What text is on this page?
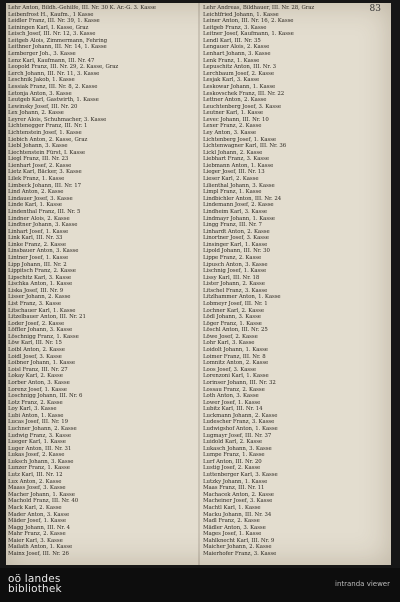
83
Lehr Anton, Bildh.-Gehilfe, III. Nr. 30 K. Ar.-G. 3. Kasse
Leibenfrost H., Kaufm., 1 Kasse
Leidler Franz, III. Nr. 39, 1. Kasse
Leiningen Karl, I. Kasse, Graz
Leisch Josef, III. Nr. 12, 3. Kasse
Leitgeb Alois, Zimmermann, Fehring
Leithner Johann, III. Nr. 14, 1. Kasse
Lemberger Joh., 3. Kasse
Lenz Karl, Kaufmann, III. Nr. 47
Leopold Franz, III. Nr. 29, 2. Kasse, Graz
Lerch Johann, III. Nr. 11, 3. Kasse
Leschnik Jakob, 1. Kasse
Lessiak Franz, III. Nr. 8, 2. Kasse
Letonja Anton, 3. Kasse
Leutgeb Karl, Gastwirth, 1. Kasse
Lewinsky Josef, III. Nr. 20
Lex Johann, 2. Kasse
Leyrer Alois, Schuhmacher, 3. Kasse
Lichtenegger Franz, III. Nr. 1
Lichtenstein Josef, 1. Kasse
Liebich Anton, 2. Kasse, Graz
Liebl Johann, 3. Kasse
Liechtenstein Fürst, I. Kasse
Liegl Franz, III. Nr. 23
Lienhart Josef, 2. Kasse
Lietz Karl, Bäcker, 3. Kasse
Lilek Franz, 1. Kasse
Limbeck Johann, III. Nr. 17
Lind Anton, 2. Kasse
Lindauer Josef, 3. Kasse
Linde Karl, 1. Kasse
Lindenthal Franz, III. Nr. 5
Lindner Alois, 2. Kasse
Lindtner Johann, 3. Kasse
Linhart Josef, 1. Kasse
Link Karl, III. Nr. 33
Linke Franz, 2. Kasse
Linsbauer Anton, 3. Kasse
Lintner Josef, 1. Kasse
Lipp Johann, III. Nr. 2
Lippitsch Franz, 2. Kasse
Lipschitz Karl, 3. Kasse
Lischka Anton, 1. Kasse
Liska Josef, III. Nr. 9
Lisser Johann, 2. Kasse
List Franz, 3. Kasse
Litschauer Karl, 1. Kasse
Litzelbauer Anton, III. Nr. 21
Loder Josef, 2. Kasse
Löffler Johann, 3. Kasse
Löschnigg Franz, 1. Kasse
Löw Karl, III. Nr. 15
Loibl Anton, 2. Kasse
Loidl Josef, 3. Kasse
Loibner Johann, 1. Kasse
Loisl Franz, III. Nr. 27
Lokay Karl, 2. Kasse
Lorber Anton, 3. Kasse
Lorenz Josef, 1. Kasse
Loschnigg Johann, III. Nr. 6
Lotz Franz, 2. Kasse
Loy Karl, 3. Kasse
Lubi Anton, 1. Kasse
Lucas Josef, III. Nr. 19
Luchner Johann, 2. Kasse
Ludwig Franz, 3. Kasse
Lueger Karl, 1. Kasse
Luger Anton, III. Nr. 31
Lukas Josef, 2. Kasse
Luksch Johann, 3. Kasse
Lunzer Franz, 1. Kasse
Lutz Karl, III. Nr. 12
Lux Anton, 2. Kasse
Maass Josef, 3. Kasse
Macher Johann, 1. Kasse
Machold Franz, III. Nr. 40
Mack Karl, 2. Kasse
Mader Anton, 3. Kasse
Mäder Josef, 1. Kasse
Magg Johann, III. Nr. 4
Mahr Franz, 2. Kasse
Maier Karl, 3. Kasse
Mailath Anton, 1. Kasse
Mainx Josef, III. Nr. 26
Lehr Andreas, Bildhauer, III. Nr. 28, Graz
Leichtfried Johann, 1. Kasse
Leiner Anton, III. Nr. 16, 2. Kasse
Leitgeb Franz, 3. Kasse
Leitner Josef, Kaufmann, 1. Kasse
Lendl Karl, III. Nr. 35
Lengauer Alois, 2. Kasse
Lenhart Johann, 3. Kasse
Lenk Franz, 1. Kasse
Lepuschitz Anton, III. Nr. 3
Lerchbaum Josef, 2. Kasse
Lesjak Karl, 3. Kasse
Leskowar Johann, 1. Kasse
Leskovschek Franz, III. Nr. 22
Lettner Anton, 2. Kasse
Leuchtenberg Josef, 3. Kasse
Leutner Karl, 1. Kasse
Levec Johann, III. Nr. 10
Lexer Franz, 2. Kasse
Ley Anton, 3. Kasse
Lichtenberg Josef, 1. Kasse
Lichtenwagner Karl, III. Nr. 36
Lickl Johann, 2. Kasse
Liebhart Franz, 3. Kasse
Liebmann Anton, 1. Kasse
Lieger Josef, III. Nr. 13
Lieser Karl, 2. Kasse
Lilienthal Johann, 3. Kasse
Limpl Franz, 1. Kasse
Lindbichler Anton, III. Nr. 24
Lindemann Josef, 2. Kasse
Lindheim Karl, 3. Kasse
Lindmayr Johann, 1. Kasse
Lingg Franz, III. Nr. 7
Linhardt Anton, 2. Kasse
Linortner Josef, 3. Kasse
Linsinger Karl, 1. Kasse
Lipold Johann, III. Nr. 30
Lippe Franz, 2. Kasse
Lipusch Anton, 3. Kasse
Lischnig Josef, 1. Kasse
Lissy Karl, III. Nr. 18
Lister Johann, 2. Kasse
Litschel Franz, 3. Kasse
Litzlhammer Anton, 1. Kasse
Lobmeyr Josef, III. Nr. 1
Lochner Karl, 2. Kasse
Lödl Johann, 3. Kasse
Löger Franz, 1. Kasse
Löschl Anton, III. Nr. 25
Löwe Josef, 2. Kasse
Lohr Karl, 3. Kasse
Loidolt Johann, 1. Kasse
Loimer Franz, III. Nr. 8
Lomnitz Anton, 2. Kasse
Loos Josef, 3. Kasse
Lorenzoni Karl, 1. Kasse
Lorinser Johann, III. Nr. 32
Lossau Franz, 2. Kasse
Loth Anton, 3. Kasse
Lower Josef, 1. Kasse
Lubitz Karl, III. Nr. 14
Luckmann Johann, 2. Kasse
Ludescher Franz, 3. Kasse
Ludwigshof Anton, 1. Kasse
Lugmayr Josef, III. Nr. 37
Luidold Karl, 2. Kasse
Lukasch Johann, 3. Kasse
Lumpe Franz, 1. Kasse
Lurf Anton, III. Nr. 20
Lustig Josef, 2. Kasse
Luttenberger Karl, 3. Kasse
Lutzky Johann, 1. Kasse
Maas Franz, III. Nr. 11
Machacek Anton, 2. Kasse
Macheiner Josef, 3. Kasse
Machtl Karl, 1. Kasse
Macku Johann, III. Nr. 34
Madl Franz, 2. Kasse
Mädler Anton, 3. Kasse
Mages Josef, 1. Kasse
Mahlknecht Karl, III. Nr. 9
Maicher Johann, 2. Kasse
Maierhofer Franz, 3. Kasse
oö landes
bibliothek	intranda viewer
